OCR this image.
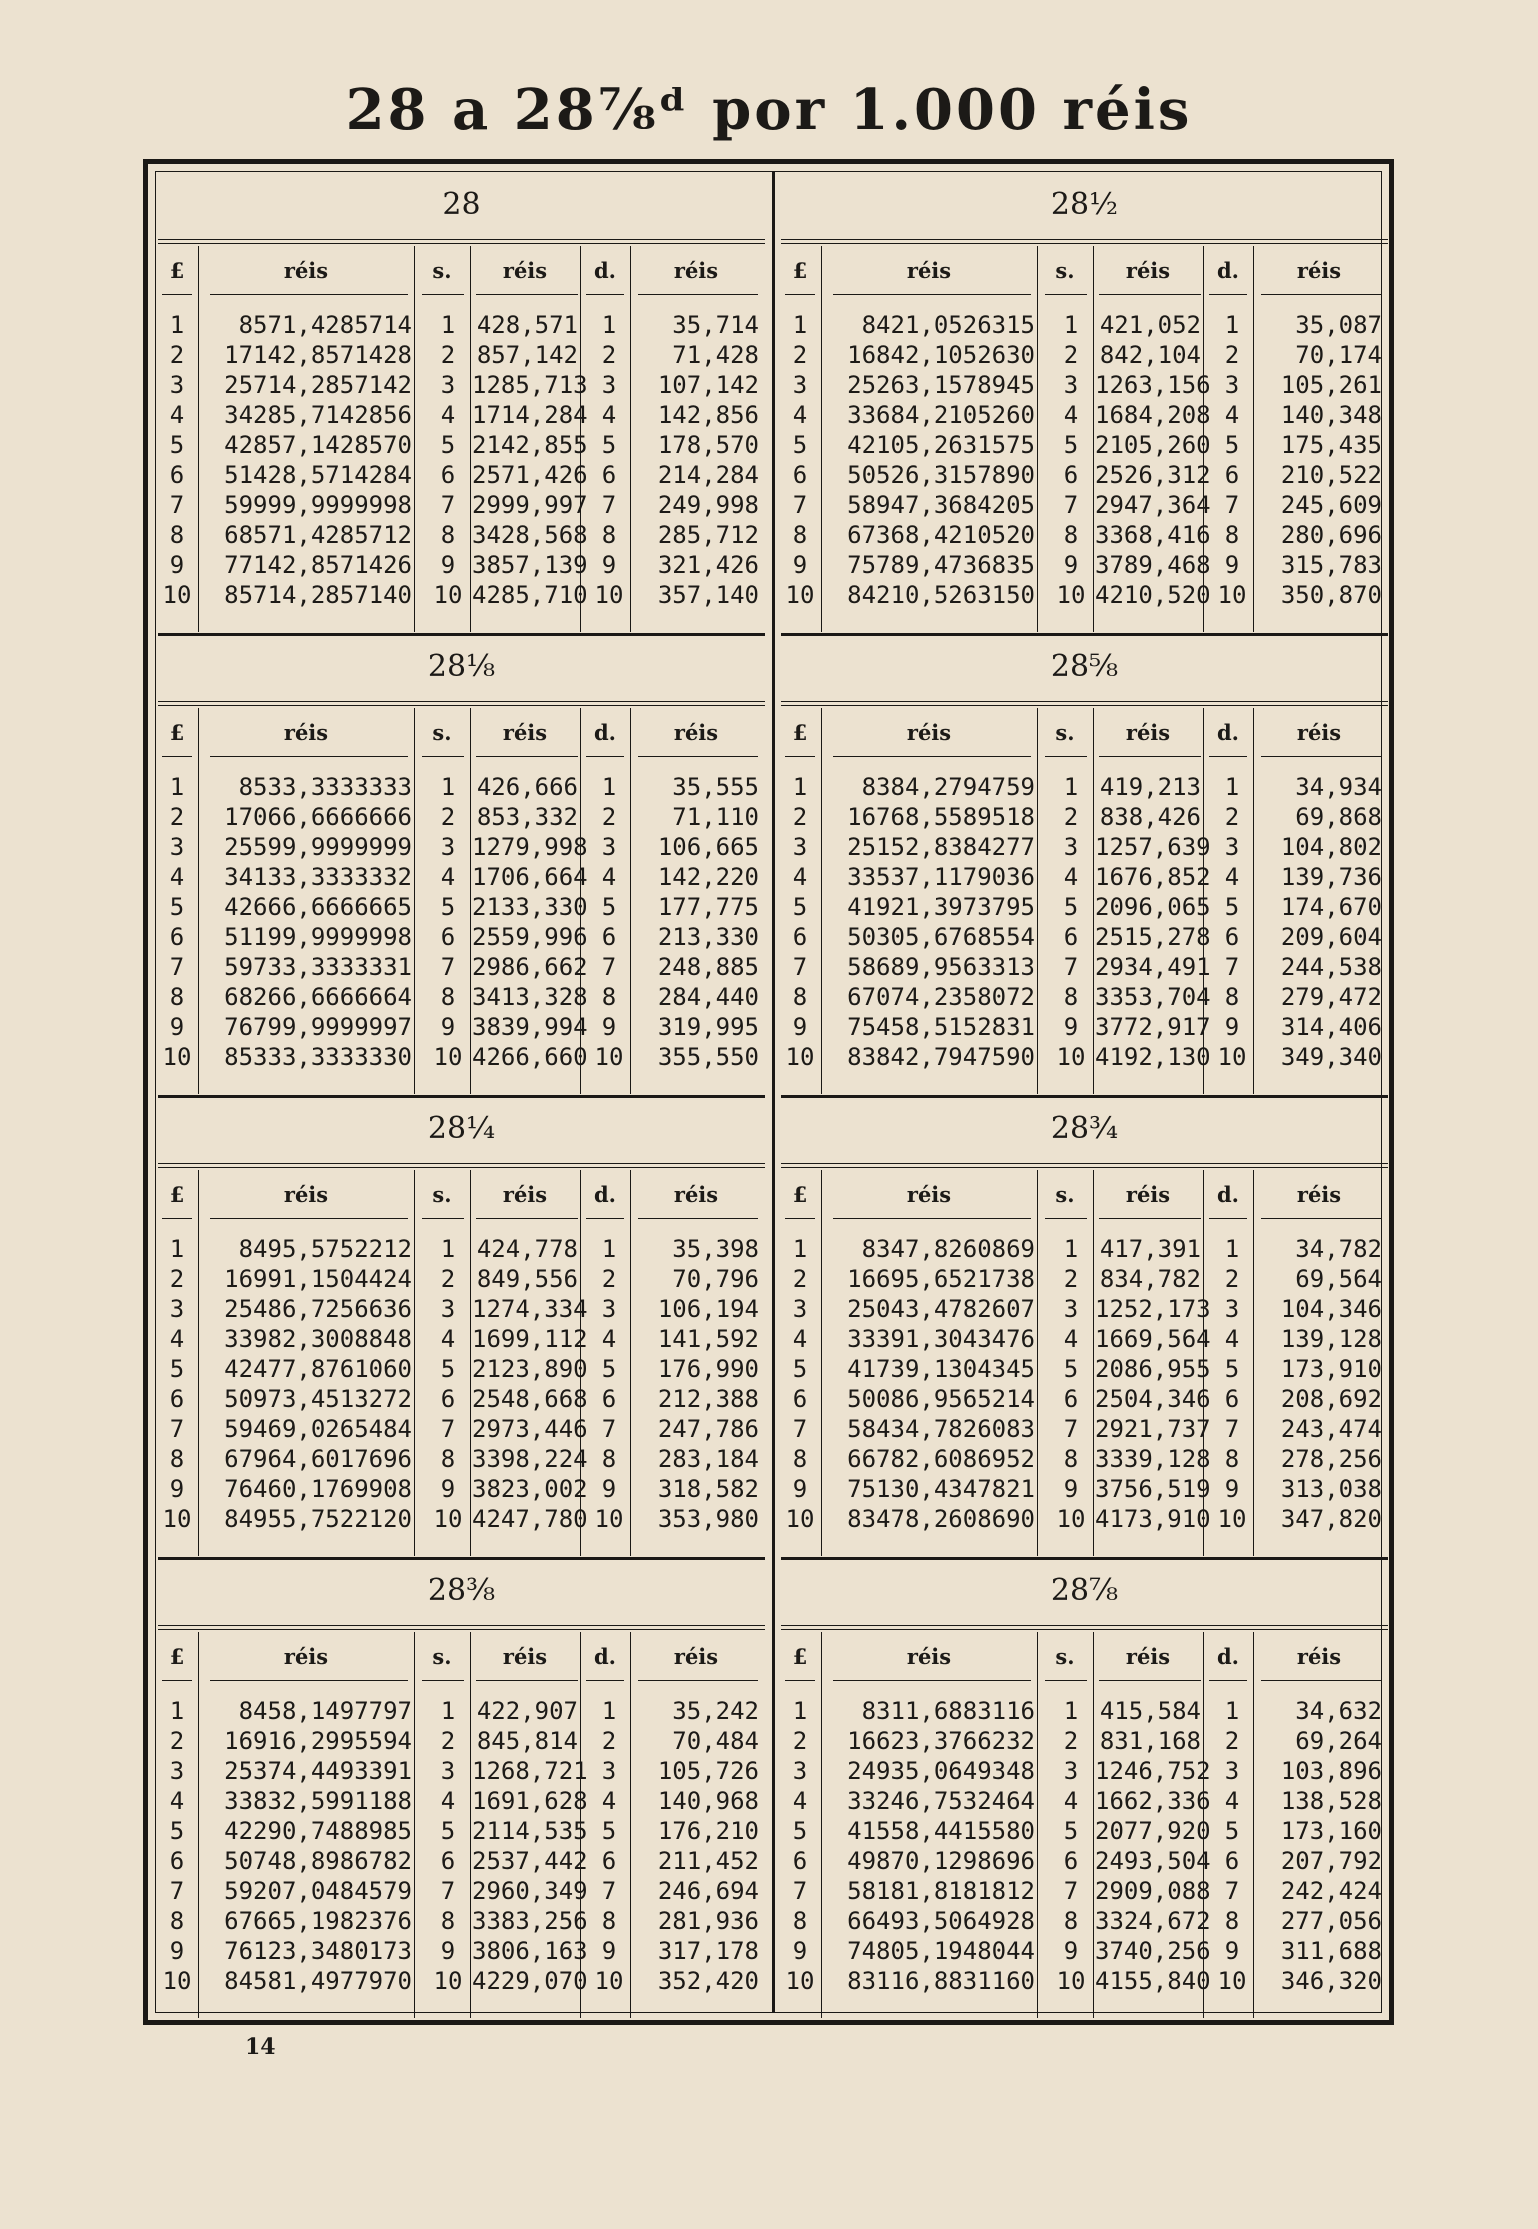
28 a 28⅞ᵈ por 1.000 réis
28
£	réis	s.	réis	d.	réis
1	8571,4285714	1 428,571 1	35,714
2	17142,8571428	2 857,142 2	71,428
3	25714,2857142	3 1285,713 3	107,142
4	34285,7142856	4 1714,284 4	142,856
5	42857,1428570	5 2142,855 5	178,570
6	51428,5714284	6 2571,426 6	214,284
7	59999,9999998	7 2999,997 7	249,998
8	68571,4285712	8 3428,568 8	285,712
9	77142,8571426	9 3857,139 9	321,426
10	85714,2857140 10 4285,710 10	357,140
28½
£	réis	s.	réis	d.	réis
1	8421,0526315	1 421,052 1	35,087
2	16842,1052630	2 842,104 2	70,174
3	25263,1578945	3 1263,156 3	105,261
4	33684,2105260	4 1684,208 4	140,348
5	42105,2631575	5 2105,260 5	175,435
6	50526,3157890	6 2526,312 6	210,522
7	58947,3684205	7 2947,364 7	245,609
8	67368,4210520	8 3368,416 8	280,696
9	75789,4736835	9 3789,468 9	315,783
10	84210,5263150 10 4210,520 10	350,870
28⅛
£	réis	s.	réis	d.	réis
1	8533,3333333	1 426,666 1	35,555
2	17066,6666666	2 853,332 2	71,110
3	25599,9999999	3 1279,998 3	106,665
4	34133,3333332	4 1706,664 4	142,220
5	42666,6666665	5 2133,330 5	177,775
6	51199,9999998	6 2559,996 6	213,330
7	59733,3333331	7 2986,662 7	248,885
8	68266,6666664	8 3413,328 8	284,440
9	76799,9999997	9 3839,994 9	319,995
10	85333,3333330 10 4266,660 10	355,550
28⅝
£	réis	s.	réis	d.	réis
1	8384,2794759	1 419,213 1	34,934
2	16768,5589518	2 838,426 2	69,868
3	25152,8384277	3 1257,639 3	104,802
4	33537,1179036	4 1676,852 4	139,736
5	41921,3973795	5 2096,065 5	174,670
6	50305,6768554	6 2515,278 6	209,604
7	58689,9563313	7 2934,491 7	244,538
8	67074,2358072	8 3353,704 8	279,472
9	75458,5152831	9 3772,917 9	314,406
10	83842,7947590 10 4192,130 10	349,340
28¼
£	réis	s.	réis	d.	réis
1	8495,5752212	1 424,778 1	35,398
2	16991,1504424	2 849,556 2	70,796
3	25486,7256636	3 1274,334 3	106,194
4	33982,3008848	4 1699,112 4	141,592
5	42477,8761060	5 2123,890 5	176,990
6	50973,4513272	6 2548,668 6	212,388
7	59469,0265484	7 2973,446 7	247,786
8	67964,6017696	8 3398,224 8	283,184
9	76460,1769908	9 3823,002 9	318,582
10	84955,7522120 10 4247,780 10	353,980
28¾
£	réis	s.	réis	d.	réis
1	8347,8260869	1 417,391 1	34,782
2	16695,6521738	2 834,782 2	69,564
3	25043,4782607	3 1252,173 3	104,346
4	33391,3043476	4 1669,564 4	139,128
5	41739,1304345	5 2086,955 5	173,910
6	50086,9565214	6 2504,346 6	208,692
7	58434,7826083	7 2921,737 7	243,474
8	66782,6086952	8 3339,128 8	278,256
9	75130,4347821	9 3756,519 9	313,038
10	83478,2608690 10 4173,910 10	347,820
28⅜
£	réis	s.	réis	d.	réis
1	8458,1497797	1 422,907 1	35,242
2	16916,2995594	2 845,814 2	70,484
3	25374,4493391	3 1268,721 3	105,726
4	33832,5991188	4 1691,628 4	140,968
5	42290,7488985	5 2114,535 5	176,210
6	50748,8986782	6 2537,442 6	211,452
7	59207,0484579	7 2960,349 7	246,694
8	67665,1982376	8 3383,256 8	281,936
9	76123,3480173	9 3806,163 9	317,178
10	84581,4977970 10 4229,070 10	352,420
28⅞
£	réis	s.	réis	d.	réis
1	8311,6883116	1 415,584 1	34,632
2	16623,3766232	2 831,168 2	69,264
3	24935,0649348	3 1246,752 3	103,896
4	33246,7532464	4 1662,336 4	138,528
5	41558,4415580	5 2077,920 5	173,160
6	49870,1298696	6 2493,504 6	207,792
7	58181,8181812	7 2909,088 7	242,424
8	66493,5064928	8 3324,672 8	277,056
9	74805,1948044	9 3740,256 9	311,688
10	83116,8831160 10 4155,840 10	346,320
14
